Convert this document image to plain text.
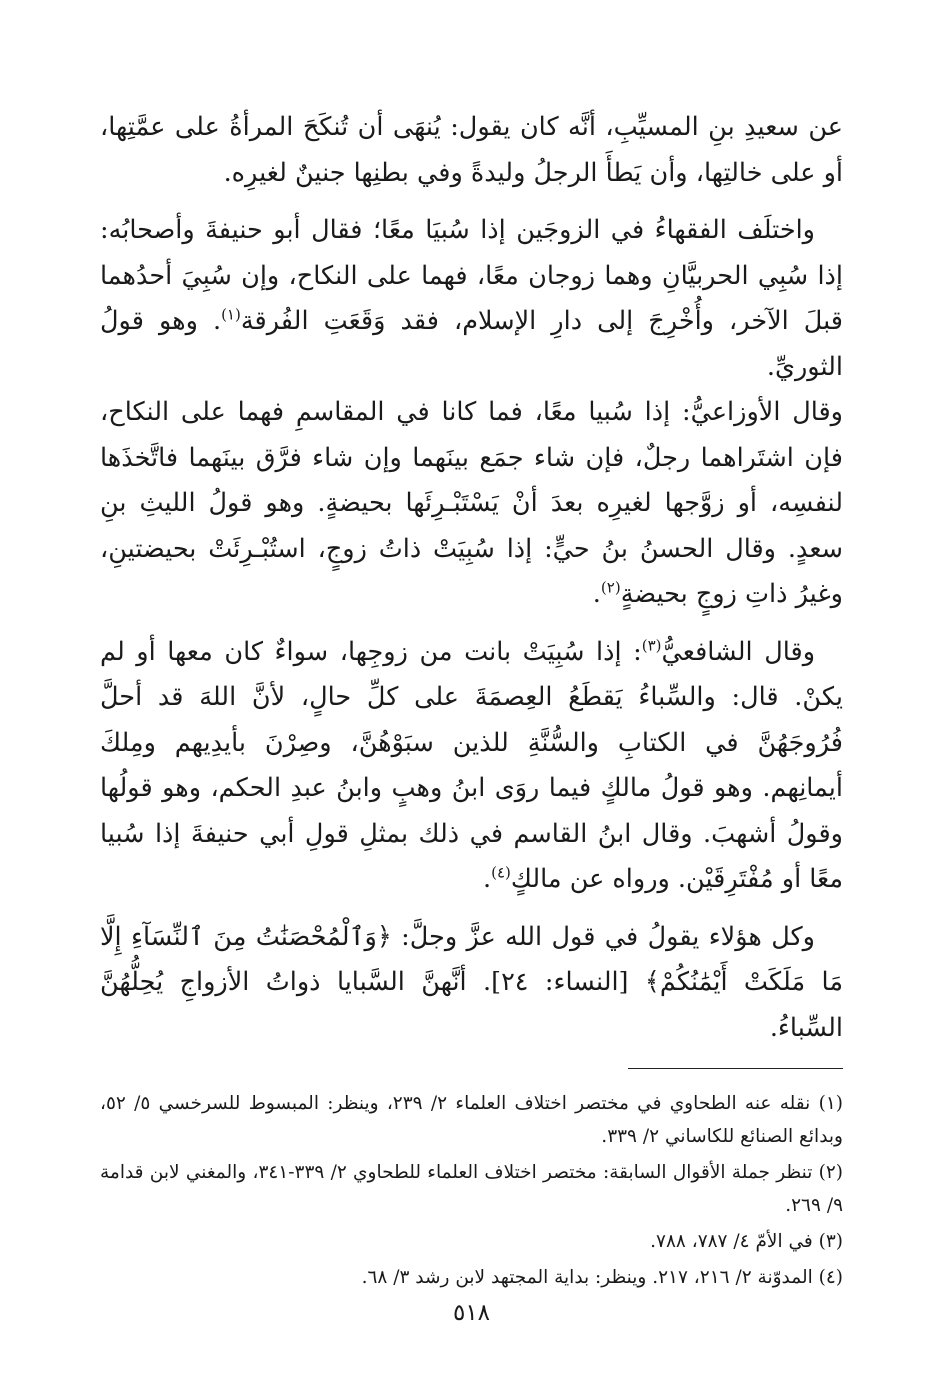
عن سعيدِ بنِ المسيِّبِ، أنَّه كان يقول: يُنهَى أن تُنكَحَ المرأةُ على عمَّتِها، أو على خالتِها، وأن يَطأَ الرجلُ وليدةً وفي بطنِها جنينٌ لغيرِه.

واختلَف الفقهاءُ في الزوجَين إذا سُبيَا معًا؛ فقال أبو حنيفةَ وأصحابُه: إذا سُبِي الحربيَّانِ وهما زوجان معًا، فهما على النكاح، وإن سُبِيَ أحدُهما قبلَ الآخر، وأُخْرِجَ إلى دارِ الإسلام، فقد وَقَعَتِ الفُرقة$^{(١)}$. وهو قولُ الثوريِّ.

وقال الأوزاعيُّ: إذا سُبيا معًا، فما كانا في المقاسمِ فهما على النكاح، فإن اشتَراهما رجلٌ، فإن شاء جمَع بينَهما وإن شاء فرَّق بينَهما فاتَّخذَها لنفسِه، أو زوَّجها لغيرِه بعدَ أنْ يَسْتَبْـرِئَها بحيضةٍ. وهو قولُ الليثِ بنِ سعدٍ. وقال الحسنُ بنُ حيٍّ: إذا سُبِيَتْ ذاتُ زوجٍ، استُبْـرِئَتْ بحيضتينِ، وغيرُ ذاتِ زوجٍ بحيضةٍ$^{(٢)}$.

وقال الشافعيُّ$^{(٣)}$: إذا سُبِيَتْ بانت من زوجِها، سواءٌ كان معها أو لم يكنْ. قال: والسِّباءُ يَقطَعُ العِصمَةَ على كلِّ حالٍ، لأنَّ اللهَ قد أحلَّ فُرُوجَهُنَّ في الكتابِ والسُّنَّةِ للذين سبَوْهُنَّ، وصِرْنَ بأيدِيهم ومِلكَ أيمانِهم. وهو قولُ مالكٍ فيما روَى ابنُ وهبٍ وابنُ عبدِ الحكم، وهو قولُها وقولُ أشهبَ. وقال ابنُ القاسم في ذلك بمثلِ قولِ أبي حنيفةَ إذا سُبيا معًا أو مُفْتَرِقَيْن. ورواه عن مالكٍ$^{(٤)}$.

وكل هؤلاء يقولُ في قول الله عزَّ وجلَّ: ﴿وَٱلْمُحْصَنَٰتُ مِنَ ٱلنِّسَآءِ إِلَّا مَا مَلَكَتْ أَيْمَٰنُكُمْ﴾ [النساء: ٢٤]. أنَّهنَّ السَّبايا ذواتُ الأزواجِ يُحِلُّهُنَّ السِّباءُ.

(١) نقله عنه الطحاوي في مختصر اختلاف العلماء ٢/ ٢٣٩، وينظر: المبسوط للسرخسي ٥/ ٥٢، وبدائع الصنائع للكاساني ٢/ ٣٣٩.

(٢) تنظر جملة الأقوال السابقة: مختصر اختلاف العلماء للطحاوي ٢/ ٣٣٩-٣٤١، والمغني لابن قدامة ٩/ ٢٦٩.

(٣) في الأمّ ٤/ ٧٨٧، ٧٨٨.

(٤) المدوّنة ٢/ ٢١٦، ٢١٧. وينظر: بداية المجتهد لابن رشد ٣/ ٦٨.

٥١٨
